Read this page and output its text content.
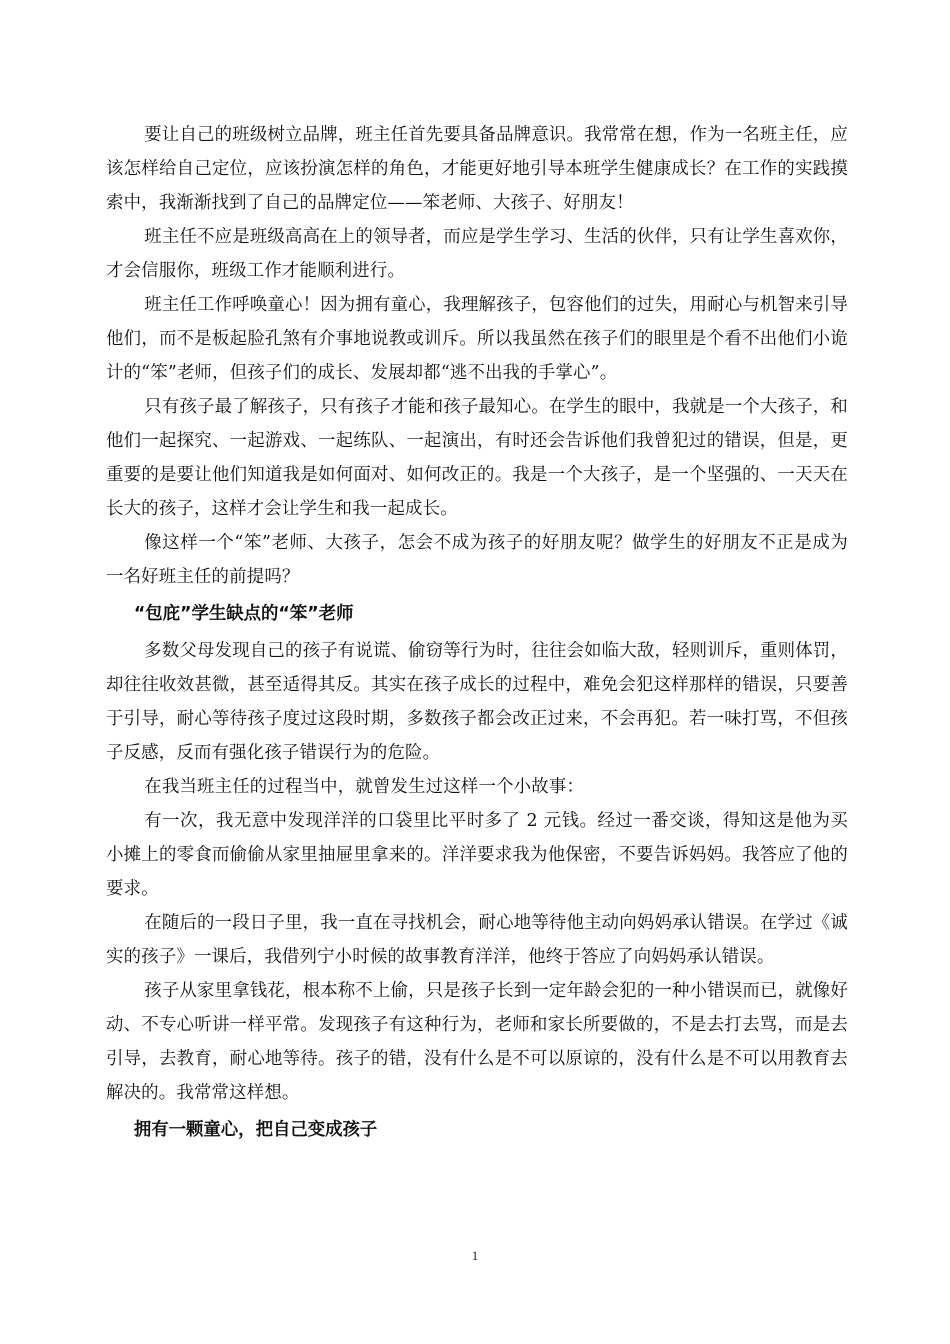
要让自己的班级树立品牌，班主任首先要具备品牌意识。我常常在想，作为一名班主任，应该怎样给自己定位，应该扮演怎样的角色，才能更好地引导本班学生健康成长？在工作的实践摸索中，我渐渐找到了自己的品牌定位——笨老师、大孩子、好朋友！

班主任不应是班级高高在上的领导者，而应是学生学习、生活的伙伴，只有让学生喜欢你，才会信服你，班级工作才能顺利进行。

班主任工作呼唤童心！因为拥有童心，我理解孩子，包容他们的过失，用耐心与机智来引导他们，而不是板起脸孔煞有介事地说教或训斥。所以我虽然在孩子们的眼里是个看不出他们小诡计的“笨”老师，但孩子们的成长、发展却都“逃不出我的手掌心”。

只有孩子最了解孩子，只有孩子才能和孩子最知心。在学生的眼中，我就是一个大孩子，和他们一起探究、一起游戏、一起练队、一起演出，有时还会告诉他们我曾犯过的错误，但是，更重要的是要让他们知道我是如何面对、如何改正的。我是一个大孩子，是一个坚强的、一天天在长大的孩子，这样才会让学生和我一起成长。

像这样一个“笨”老师、大孩子，怎会不成为孩子的好朋友呢？做学生的好朋友不正是成为一名好班主任的前提吗？

“包庇”学生缺点的“笨”老师

多数父母发现自己的孩子有说谎、偷窃等行为时，往往会如临大敌，轻则训斥，重则体罚，却往往收效甚微，甚至适得其反。其实在孩子成长的过程中，难免会犯这样那样的错误，只要善于引导，耐心等待孩子度过这段时期，多数孩子都会改正过来，不会再犯。若一味打骂，不但孩子反感，反而有强化孩子错误行为的危险。

在我当班主任的过程当中，就曾发生过这样一个小故事：

有一次，我无意中发现洋洋的口袋里比平时多了 2 元钱。经过一番交谈，得知这是他为买小摊上的零食而偷偷从家里抽屉里拿来的。洋洋要求我为他保密，不要告诉妈妈。我答应了他的要求。

在随后的一段日子里，我一直在寻找机会，耐心地等待他主动向妈妈承认错误。在学过《诚实的孩子》一课后，我借列宁小时候的故事教育洋洋，他终于答应了向妈妈承认错误。

孩子从家里拿钱花，根本称不上偷，只是孩子长到一定年龄会犯的一种小错误而已，就像好动、不专心听讲一样平常。发现孩子有这种行为，老师和家长所要做的，不是去打去骂，而是去引导，去教育，耐心地等待。孩子的错，没有什么是不可以原谅的，没有什么是不可以用教育去解决的。我常常这样想。

拥有一颗童心，把自己变成孩子
1
